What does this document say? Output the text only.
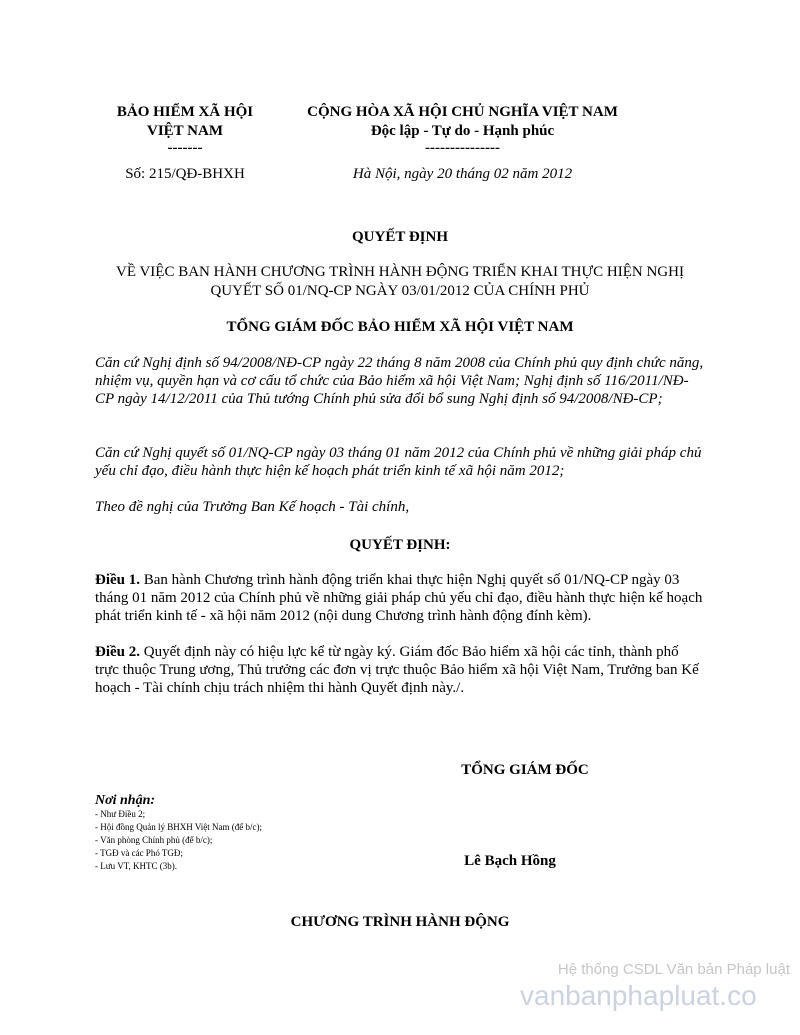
BẢO HIỂM XÃ HỘI
VIỆT NAM
-------
CỘNG HÒA XÃ HỘI CHỦ NGHĨA VIỆT NAM
Độc lập - Tự do - Hạnh phúc
---------------
Số: 215/QĐ-BHXH	Hà Nội, ngày 20 tháng 02 năm 2012
QUYẾT ĐỊNH
VỀ VIỆC BAN HÀNH CHƯƠNG TRÌNH HÀNH ĐỘNG TRIỂN KHAI THỰC HIỆN NGHỊ
QUYẾT SỐ 01/NQ-CP NGÀY 03/01/2012 CỦA CHÍNH PHỦ
TỔNG GIÁM ĐỐC BẢO HIỂM XÃ HỘI VIỆT NAM
Căn cứ Nghị định số 94/2008/NĐ-CP ngày 22 tháng 8 năm 2008 của Chính phủ quy định chức năng, nhiệm vụ, quyền hạn và cơ cấu tổ chức của Bảo hiểm xã hội Việt Nam; Nghị định số 116/2011/NĐ-CP ngày 14/12/2011 của Thủ tướng Chính phủ sửa đổi bổ sung Nghị định số 94/2008/NĐ-CP;
Căn cứ Nghị quyết số 01/NQ-CP ngày 03 tháng 01 năm 2012 của Chính phủ về những giải pháp chủ yếu chỉ đạo, điều hành thực hiện kế hoạch phát triển kinh tế xã hội năm 2012;
Theo đề nghị của Trưởng Ban Kế hoạch - Tài chính,
QUYẾT ĐỊNH:
Điều 1. Ban hành Chương trình hành động triển khai thực hiện Nghị quyết số 01/NQ-CP ngày 03 tháng 01 năm 2012 của Chính phủ về những giải pháp chủ yếu chỉ đạo, điều hành thực hiện kế hoạch phát triển kinh tế - xã hội năm 2012 (nội dung Chương trình hành động đính kèm).
Điều 2. Quyết định này có hiệu lực kể từ ngày ký. Giám đốc Bảo hiểm xã hội các tỉnh, thành phố trực thuộc Trung ương, Thủ trưởng các đơn vị trực thuộc Bảo hiểm xã hội Việt Nam, Trưởng ban Kế hoạch - Tài chính chịu trách nhiệm thi hành Quyết định này./.
TỔNG GIÁM ĐỐC
Nơi nhận:
- Như Điều 2;
- Hội đồng Quản lý BHXH Việt Nam (để b/c);
- Văn phòng Chính phủ (để b/c);
- TGĐ và các Phó TGĐ;
- Lưu VT, KHTC (3b).	Lê Bạch Hồng
CHƯƠNG TRÌNH HÀNH ĐỘNG
Hệ thống CSDL Văn bản Pháp luật
vanbanphapluat.co
